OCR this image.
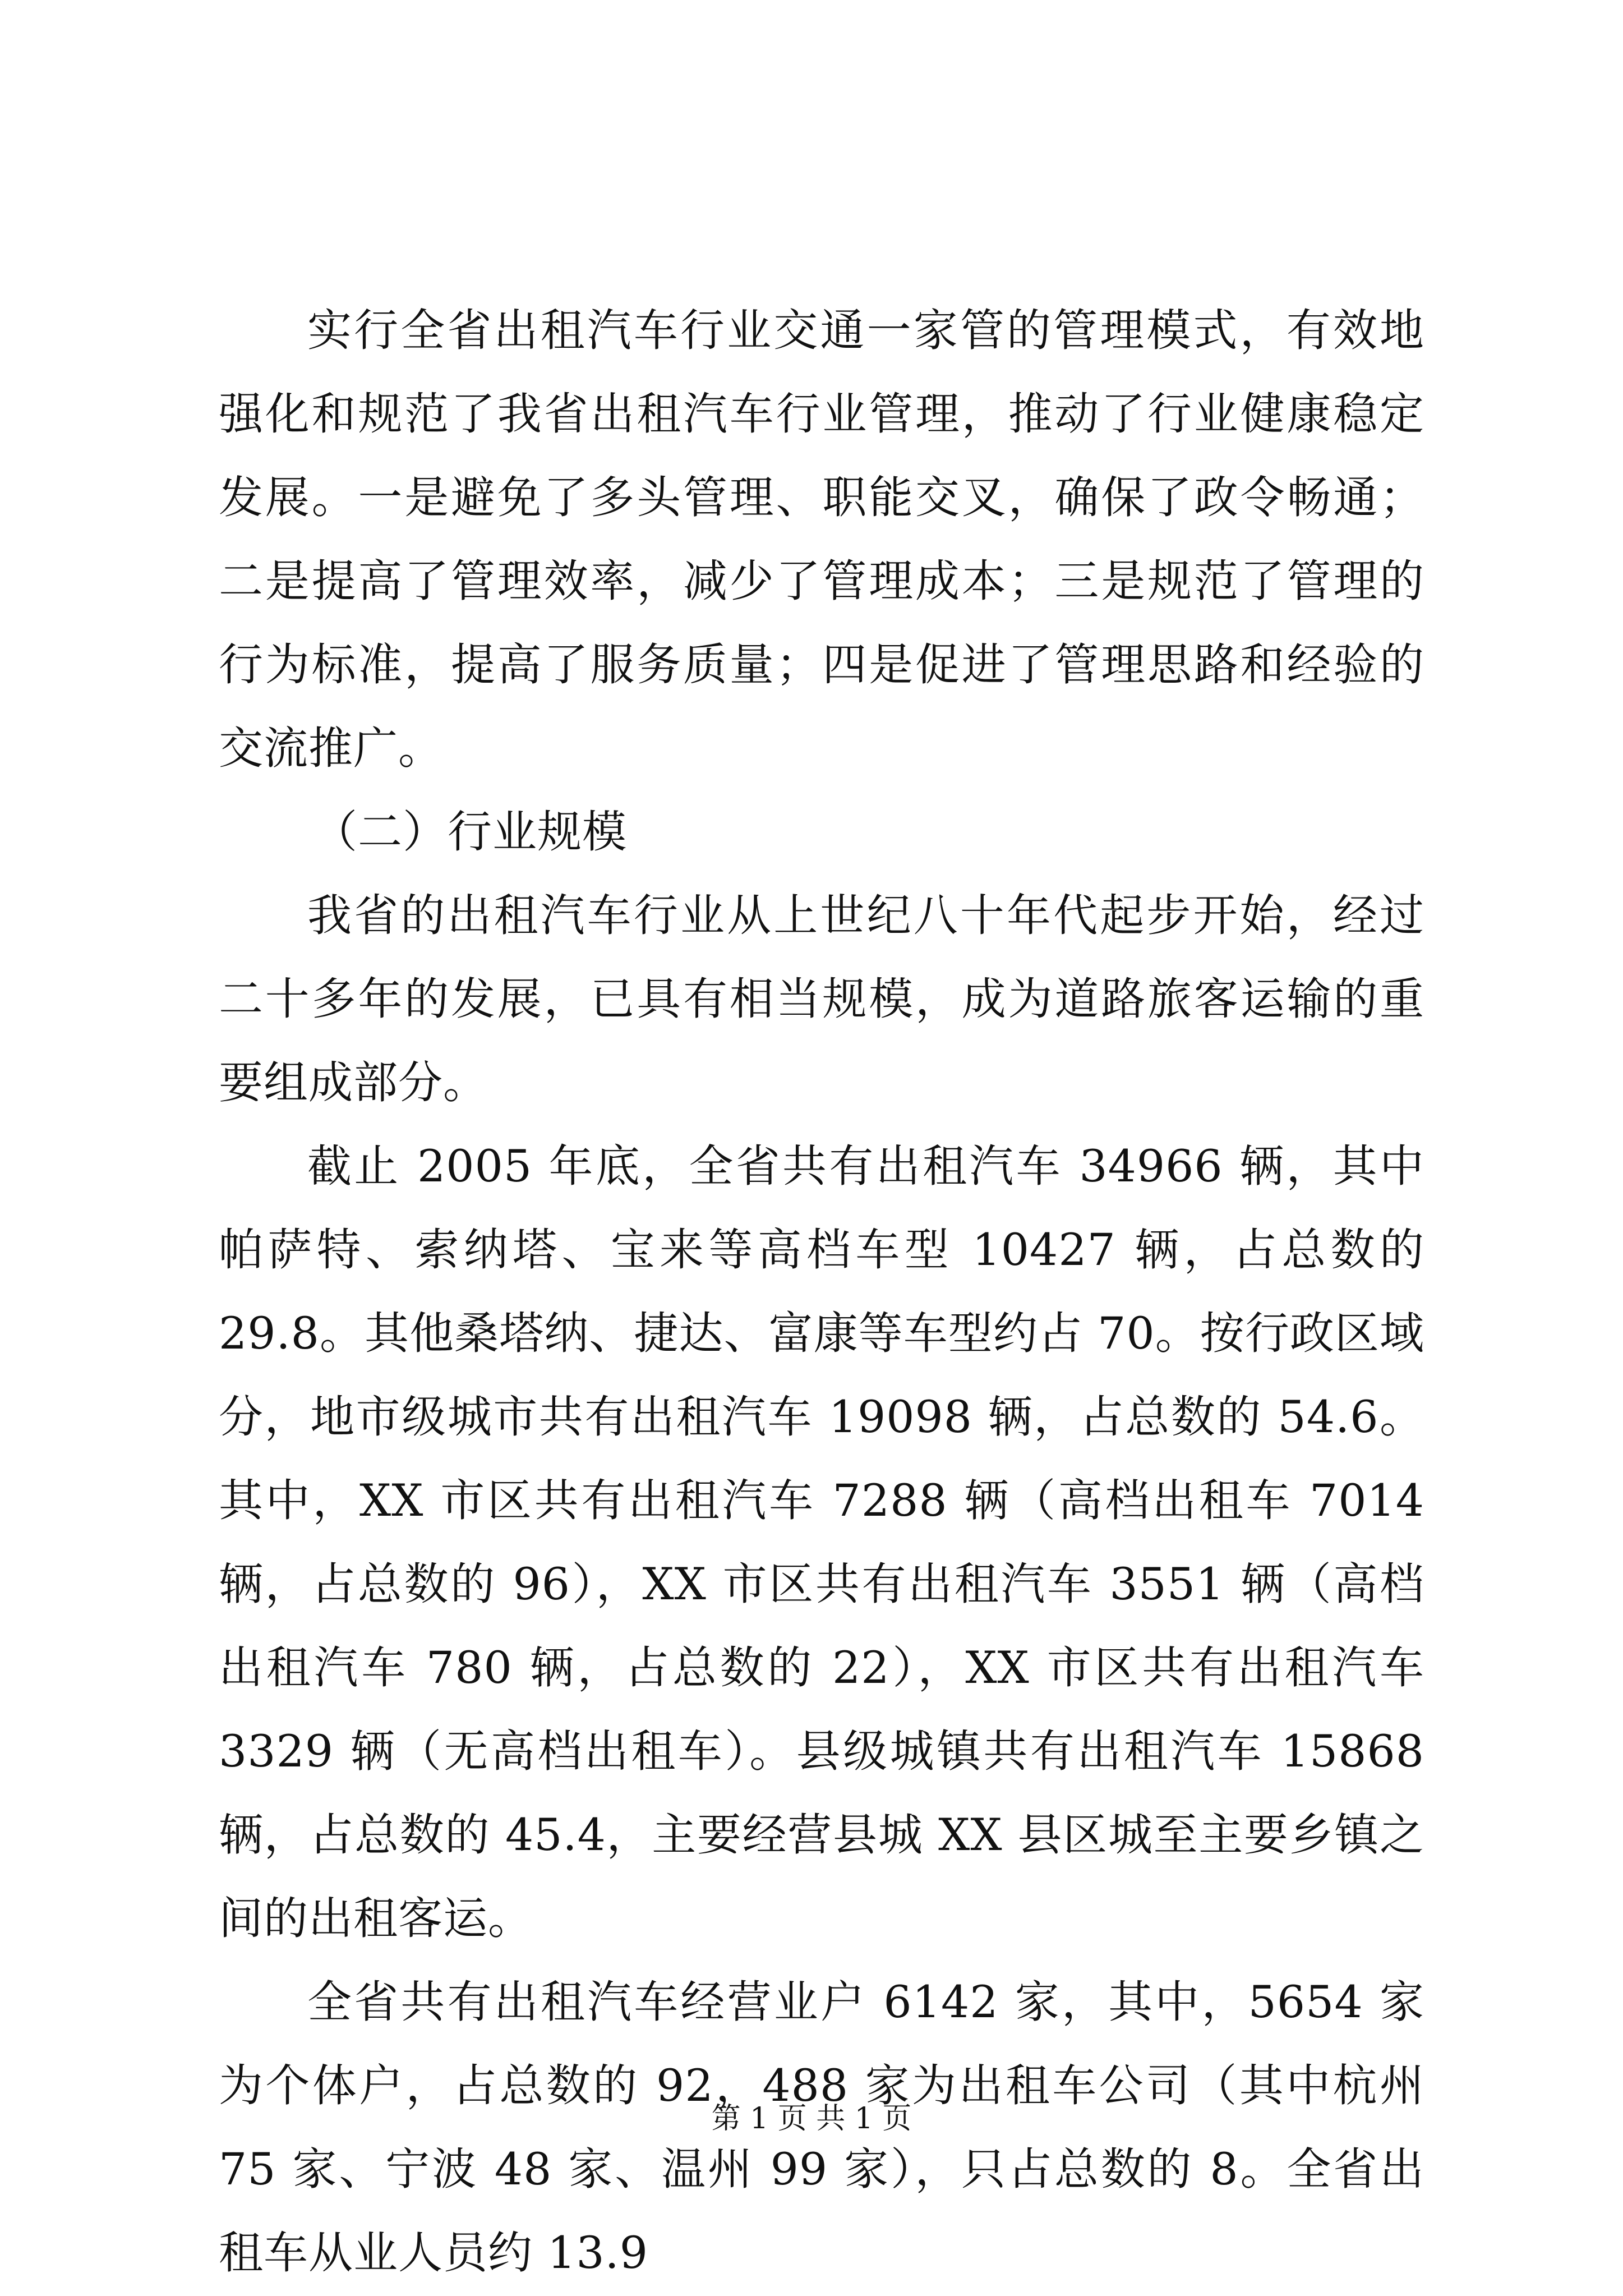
实行全省出租汽车行业交通一家管的管理模式，有效地强化和规范了我省出租汽车行业管理，推动了行业健康稳定发展。一是避免了多头管理、职能交叉，确保了政令畅通；二是提高了管理效率，减少了管理成本；三是规范了管理的行为标准，提高了服务质量；四是促进了管理思路和经验的交流推广。

（二）行业规模

我省的出租汽车行业从上世纪八十年代起步开始，经过二十多年的发展，已具有相当规模，成为道路旅客运输的重要组成部分。

截止 2005 年底，全省共有出租汽车 34966 辆，其中帕萨特、索纳塔、宝来等高档车型 10427 辆，占总数的 29.8。其他桑塔纳、捷达、富康等车型约占 70。按行政区域分，地市级城市共有出租汽车 19098 辆，占总数的 54.6。其中，XX 市区共有出租汽车 7288 辆（高档出租车 7014 辆，占总数的 96），XX 市区共有出租汽车 3551 辆（高档出租汽车 780 辆，占总数的 22），XX 市区共有出租汽车 3329 辆（无高档出租车）。县级城镇共有出租汽车 15868 辆，占总数的 45.4，主要经营县城 XX 县区城至主要乡镇之间的出租客运。

全省共有出租汽车经营业户 6142 家，其中，5654 家为个体户，占总数的 92，488 家为出租车公司（其中杭州 75 家、宁波 48 家、温州 99 家），只占总数的 8。全省出租车从业人员约 13.9

第 1 页 共 1 页
